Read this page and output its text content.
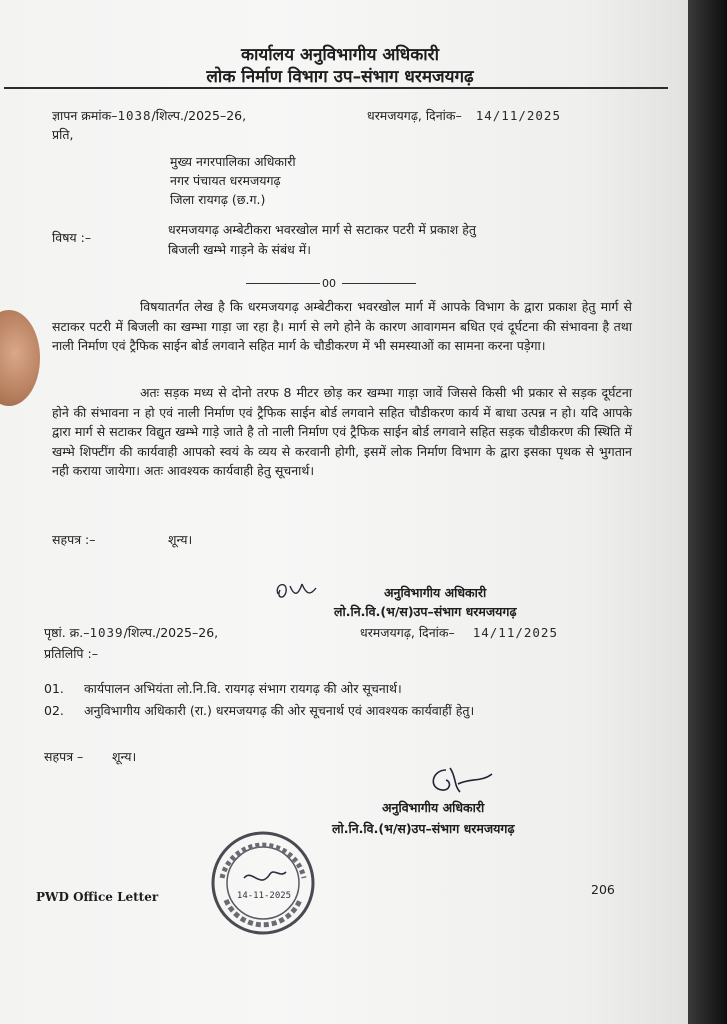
कार्यालय अनुविभागीय अधिकारी
लोक निर्माण विभाग उप–संभाग धरमजयगढ़
ज्ञापन क्रमांक–1038/शिल्प./2025–26,	धरमजयगढ़, दिनांक– 14/11/2025
प्रति,
मुख्य नगरपालिका अधिकारी
नगर पंचायत धरमजयगढ़
जिला रायगढ़ (छ.ग.)
विषय :–
धरमजयगढ़ अम्बेटीकरा भवरखोल मार्ग से सटाकर पटरी में प्रकाश हेतु
बिजली खम्भे गाड़ने के संबंध में।
00
विषयातर्गत लेख है कि धरमजयगढ़ अम्बेटीकरा भवरखोल मार्ग में आपके विभाग के द्वारा प्रकाश हेतु मार्ग से सटाकर पटरी में बिजली का खम्भा गाड़ा जा रहा है। मार्ग से लगे होने के कारण आवागमन बधित एवं दूर्घटना की संभावना है तथा नाली निर्माण एवं ट्रैफिक साईन बोर्ड लगवाने सहित मार्ग के चौडीकरण में भी समस्याओं का सामना करना पड़ेगा।
अतः सड़क मध्य से दोनो तरफ 8 मीटर छोड़ कर खम्भा गाड़ा जावें जिससे किसी भी प्रकार से सड़क दूर्घटना होने की संभावना न हो एवं नाली निर्माण एवं ट्रैफिक साईन बोर्ड लगवाने सहित चौडीकरण कार्य में बाधा उत्पन्न न हो। यदि आपके द्वारा मार्ग से सटाकर विद्युत खम्भे गाड़े जाते है तो नाली निर्माण एवं ट्रैफिक साईन बोर्ड लगवाने सहित सड़क चौडीकरण की स्थिति में खम्भे शिफ्टींग की कार्यवाही आपको स्वयं के व्यय से करवानी होगी, इसमें लोक निर्माण विभाग के द्वारा इसका पृथक से भुगतान नही कराया जायेगा। अतः आवश्यक कार्यवाही हेतु सूचनार्थ।
सहपत्र :–	शून्य।
अनुविभागीय अधिकारी
लो.नि.वि.(भ/स)उप–संभाग धरमजयगढ़
पृष्ठां. क्र.–1039/शिल्प./2025–26,	धरमजयगढ़, दिनांक– 14/11/2025
प्रतिलिपि :–
01. कार्यपालन अभियंता लो.नि.वि. रायगढ़ संभाग रायगढ़ की ओर सूचनार्थ।
02. अनुविभागीय अधिकारी (रा.) धरमजयगढ़ की ओर सूचनार्थ एवं आवश्यक कार्यवाहीं हेतु।
सहपत्र – शून्य।
अनुविभागीय अधिकारी
लो.नि.वि.(भ/स)उप–संभाग धरमजयगढ़
14-11-2025
PWD Office Letter	206
